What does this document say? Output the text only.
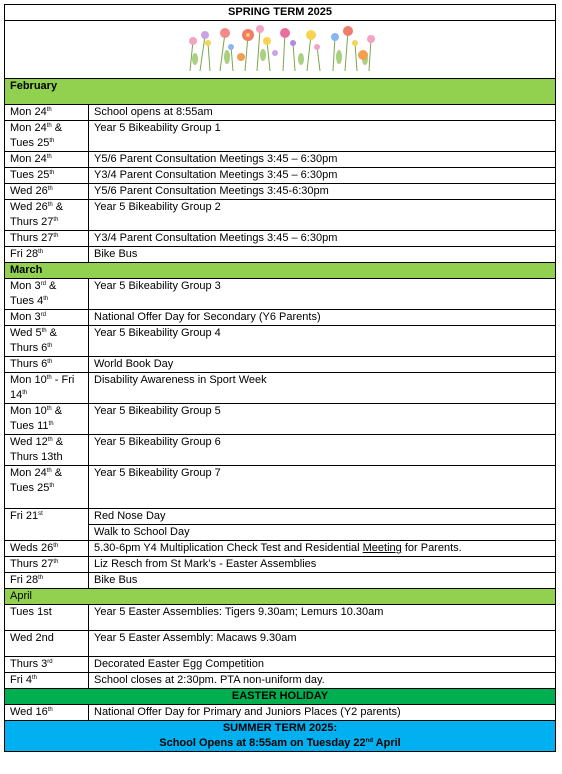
SPRING TERM 2025	

February	
Mon 24th	School opens at 8:55am
Mon 24th & Tues 25th	Year 5 Bikeability Group 1
Mon 24th	Y5/6 Parent Consultation Meetings 3:45 – 6:30pm
Tues 25th	Y3/4 Parent Consultation Meetings 3:45 – 6:30pm
Wed 26th	Y5/6 Parent Consultation Meetings 3:45-6:30pm
Wed 26th & Thurs 27th	Year 5 Bikeability Group 2
Thurs 27th	Y3/4 Parent Consultation Meetings 3:45 – 6:30pm
Fri 28th	Bike Bus
March	
Mon 3rd & Tues 4th	Year 5 Bikeability Group 3
Mon 3rd	National Offer Day for Secondary (Y6 Parents)
Wed 5th & Thurs 6th	Year 5 Bikeability Group 4
Thurs 6th	World Book Day
Mon 10th - Fri 14th	Disability Awareness in Sport Week
Mon 10th & Tues 11th	Year 5 Bikeability Group 5
Wed 12th & Thurs 13th	Year 5 Bikeability Group 6
Mon 24th & Tues 25th	Year 5 Bikeability Group 7
Fri 21st	Red Nose Day
	Walk to School Day
Weds 26th	5.30-6pm Y4 Multiplication Check Test and Residential Meeting for Parents.
Thurs 27th	Liz Resch from St Mark’s - Easter Assemblies
Fri 28th	Bike Bus
April	
Tues 1st	Year 5 Easter Assemblies: Tigers 9.30am; Lemurs 10.30am
Wed 2nd	Year 5 Easter Assembly: Macaws 9.30am
Thurs 3rd	Decorated Easter Egg Competition
Fri 4th	School closes at 2:30pm. PTA non-uniform day.
EASTER HOLIDAY	
Wed 16th	National Offer Day for Primary and Juniors Places (Y2 parents)

SUMMER TERM 2025:
School Opens at 8:55am on Tuesday 22nd April	
